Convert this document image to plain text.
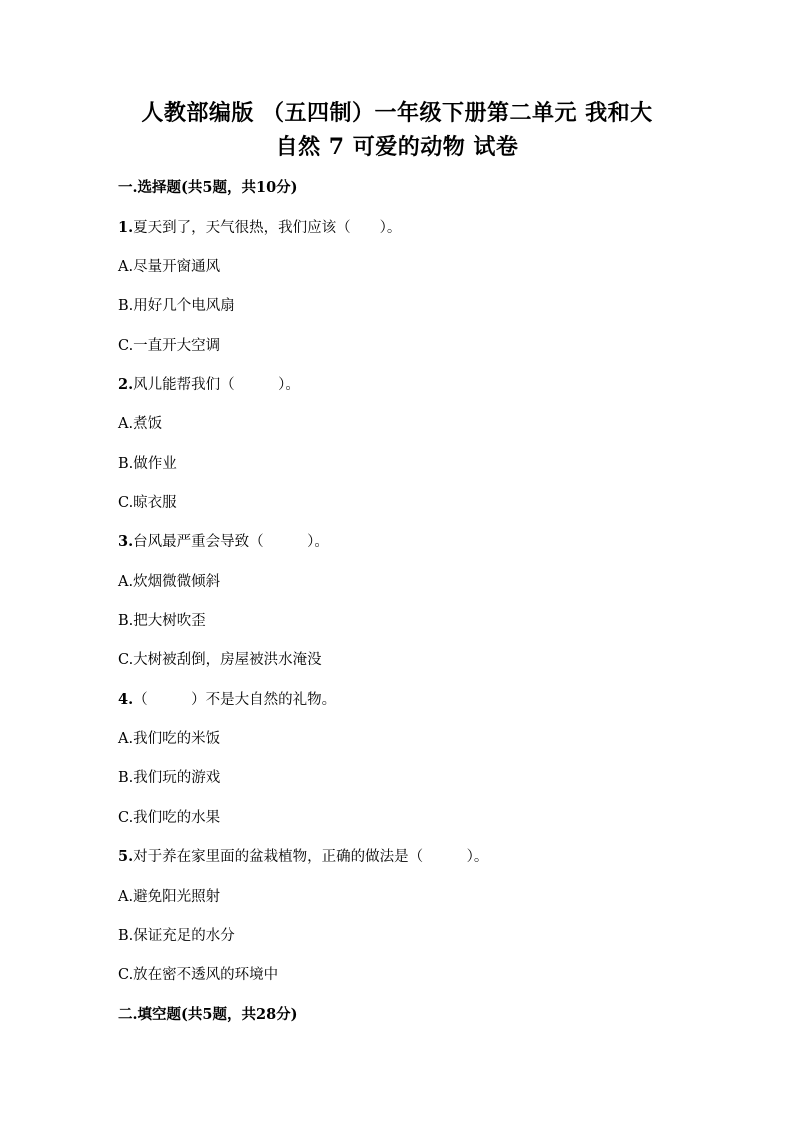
人教部编版 （五四制）一年级下册第二单元 我和大
自然 7 可爱的动物 试卷
一.选择题(共5题，共10分)
1.夏天到了，天气很热，我们应该（　　）。
A.尽量开窗通风
B.用好几个电风扇
C.一直开大空调
2.风儿能帮我们（　　　）。
A.煮饭
B.做作业
C.晾衣服
3.台风最严重会导致（　　　）。
A.炊烟微微倾斜
B.把大树吹歪
C.大树被刮倒，房屋被洪水淹没
4.（　　　）不是大自然的礼物。
A.我们吃的米饭
B.我们玩的游戏
C.我们吃的水果
5.对于养在家里面的盆栽植物，正确的做法是（　　　）。
A.避免阳光照射
B.保证充足的水分
C.放在密不透风的环境中
二.填空题(共5题，共28分)
